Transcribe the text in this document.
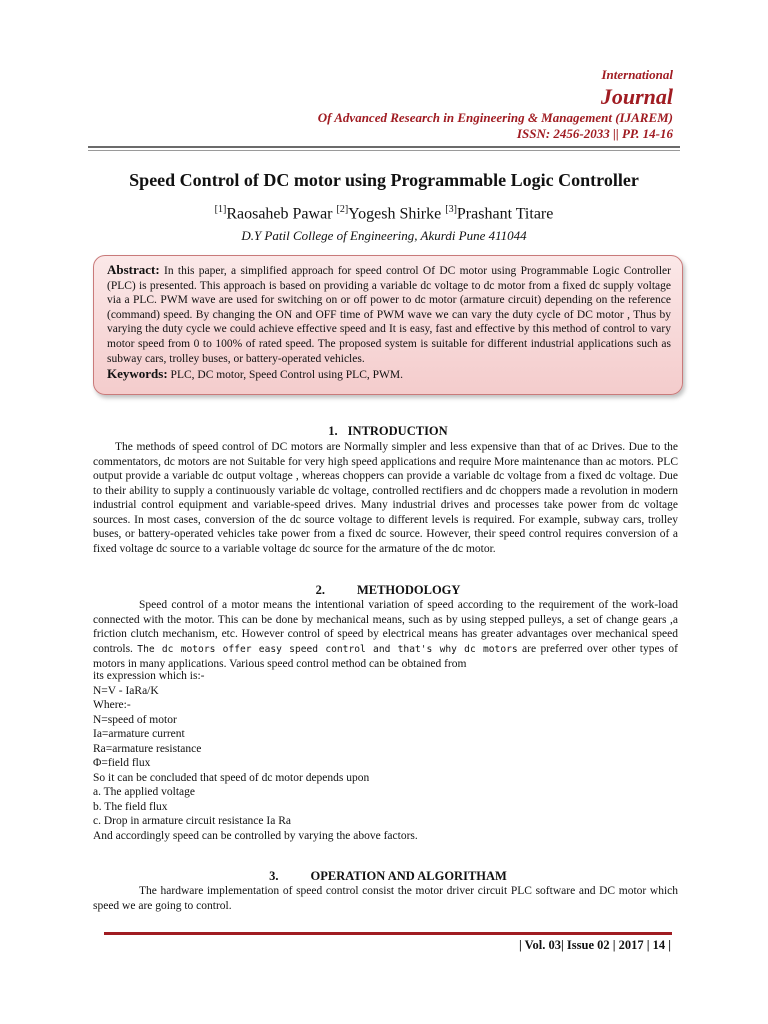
International
Journal
Of Advanced Research in Engineering & Management (IJAREM)
ISSN: 2456-2033 || PP. 14-16
Speed Control of DC motor using Programmable Logic Controller
[1]Raosaheb Pawar [2]Yogesh Shirke [3]Prashant Titare
D.Y Patil College of Engineering, Akurdi Pune 411044
Abstract: In this paper, a simplified approach for speed control Of DC motor using Programmable Logic Controller (PLC) is presented. This approach is based on providing a variable dc voltage to dc motor from a fixed dc supply voltage via a PLC. PWM wave are used for switching on or off power to dc motor (armature circuit) depending on the reference (command) speed. By changing the ON and OFF time of PWM wave we can vary the duty cycle of DC motor , Thus by varying the duty cycle we could achieve effective speed and It is easy, fast and effective by this method of control to vary motor speed from 0 to 100% of rated speed. The proposed system is suitable for different industrial applications such as subway cars, trolley buses, or battery-operated vehicles.
Keywords: PLC, DC motor, Speed Control using PLC, PWM.
1. INTRODUCTION

The methods of speed control of DC motors are Normally simpler and less expensive than that of ac Drives. Due to the commentators, dc motors are not Suitable for very high speed applications and require More maintenance than ac motors. PLC output provide a variable dc output voltage , whereas choppers can provide a variable dc voltage from a fixed dc voltage. Due to their ability to supply a continuously variable dc voltage, controlled rectifiers and dc choppers made a revolution in modern industrial control equipment and variable-speed drives. Many industrial drives and processes take power from dc voltage sources. In most cases, conversion of the dc source voltage to different levels is required. For example, subway cars, trolley buses, or battery-operated vehicles take power from a fixed dc source. However, their speed control requires conversion of a fixed voltage dc source to a variable voltage dc source for the armature of the dc motor.

2.	METHODOLOGY

Speed control of a motor means the intentional variation of speed according to the requirement of the work-load connected with the motor. This can be done by mechanical means, such as by using stepped pulleys, a set of change gears ,a friction clutch mechanism, etc. However control of speed by electrical means has greater advantages over mechanical speed controls. The dc motors offer easy speed control and that's why dc motors are preferred over other types of motors in many applications. Various speed control method can be obtained from

its expression which is:-
N=V - IaRa/K
Where:-
N=speed of motor
Ia=armature current
Ra=armature resistance
Φ=field flux
So it can be concluded that speed of dc motor depends upon
a. The applied voltage
b. The field flux
c. Drop in armature circuit resistance Ia Ra
And accordingly speed can be controlled by varying the above factors.
3.	OPERATION AND ALGORITHAM

The hardware implementation of speed control consist the motor driver circuit PLC software and DC motor which speed we are going to control.

| Vol. 03| Issue 02 | 2017 | 14 |
